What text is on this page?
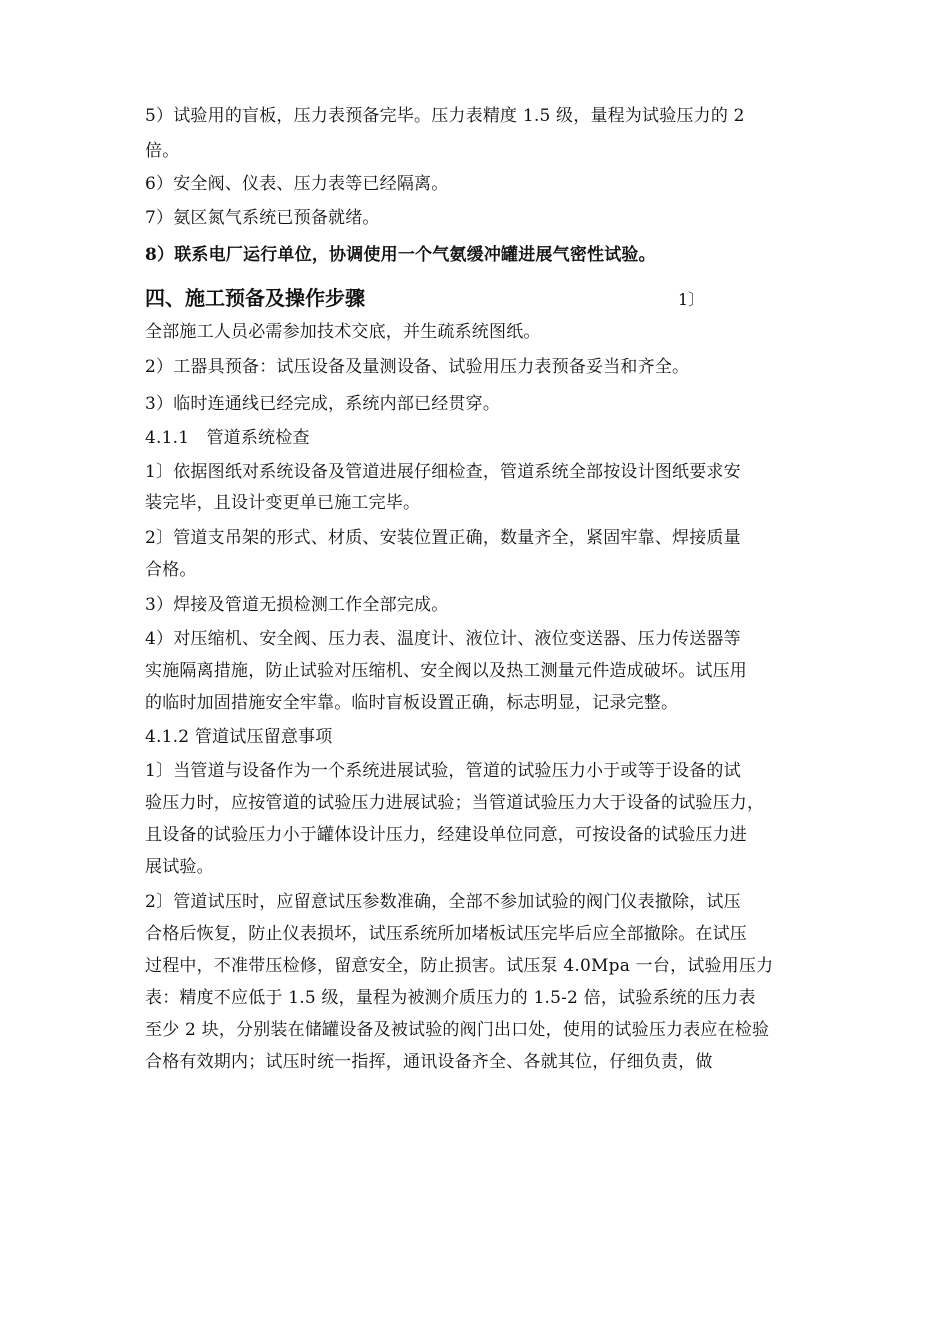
5）试验用的盲板，压力表预备完毕。压力表精度 1.5 级，量程为试验压力的 2

倍。

6）安全阀、仪表、压力表等已经隔离。

7）氨区氮气系统已预备就绪。

8）联系电厂运行单位，协调使用一个气氨缓冲罐进展气密性试验。

四、施工预备及操作步骤	1〕

全部施工人员必需参加技术交底，并生疏系统图纸。

2）工器具预备：试压设备及量测设备、试验用压力表预备妥当和齐全。

3）临时连通线已经完成，系统内部已经贯穿。

4.1.1　管道系统检查

1〕依据图纸对系统设备及管道进展仔细检查，管道系统全部按设计图纸要求安

装完毕，且设计变更单已施工完毕。

2〕管道支吊架的形式、材质、安装位置正确，数量齐全，紧固牢靠、焊接质量

合格。

3）焊接及管道无损检测工作全部完成。

4）对压缩机、安全阀、压力表、温度计、液位计、液位变送器、压力传送器等

实施隔离措施，防止试验对压缩机、安全阀以及热工测量元件造成破坏。试压用

的临时加固措施安全牢靠。临时盲板设置正确，标志明显，记录完整。

4.1.2 管道试压留意事项

1〕当管道与设备作为一个系统进展试验，管道的试验压力小于或等于设备的试

验压力时，应按管道的试验压力进展试验；当管道试验压力大于设备的试验压力，

且设备的试验压力小于罐体设计压力，经建设单位同意，可按设备的试验压力进

展试验。

2〕管道试压时，应留意试压参数准确，全部不参加试验的阀门仪表撤除，试压

合格后恢复，防止仪表损坏，试压系统所加堵板试压完毕后应全部撤除。在试压

过程中，不准带压检修，留意安全，防止损害。试压泵 4.0Mpa 一台，试验用压力

表：精度不应低于 1.5 级，量程为被测介质压力的 1.5-2 倍，试验系统的压力表

至少 2 块，分别装在储罐设备及被试验的阀门出口处，使用的试验压力表应在检验

合格有效期内；试压时统一指挥，通讯设备齐全、各就其位，仔细负责，做
